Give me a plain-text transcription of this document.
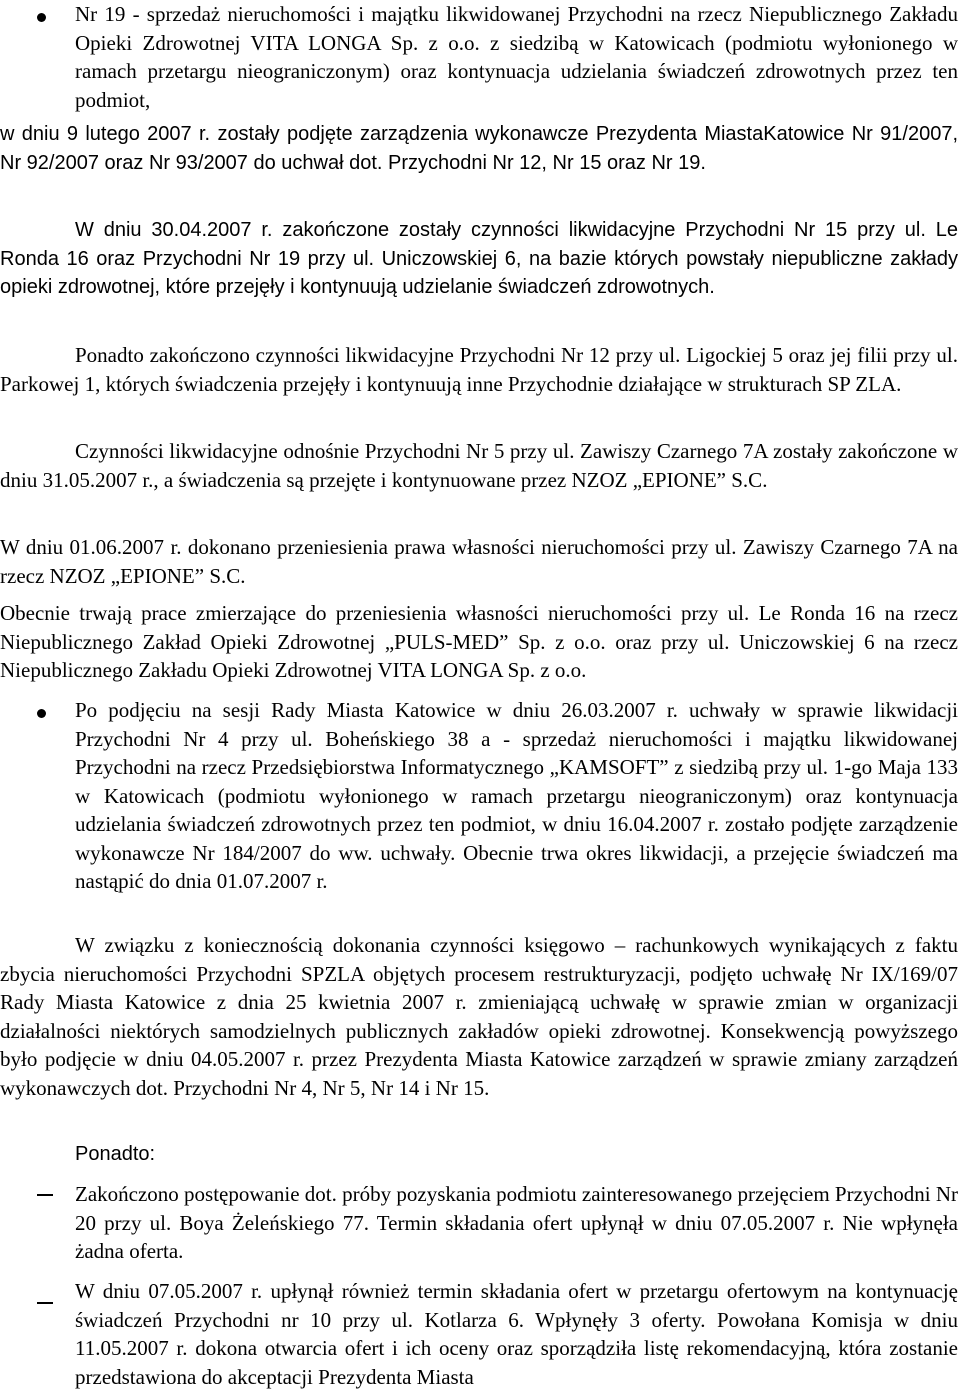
Nr 19 - sprzedaż nieruchomości i majątku likwidowanej Przychodni na rzecz Niepublicznego Zakładu Opieki Zdrowotnej VITA LONGA Sp. z o.o. z siedzibą w Katowicach (podmiotu wyłonionego w ramach przetargu nieograniczonym) oraz kontynuacja udzielania świadczeń zdrowotnych przez ten podmiot,

w dniu 9 lutego 2007 r. zostały podjęte zarządzenia wykonawcze Prezydenta MiastaKatowice Nr 91/2007, Nr 92/2007 oraz Nr 93/2007 do uchwał dot. Przychodni Nr 12, Nr 15 oraz Nr 19.

W dniu 30.04.2007 r. zakończone zostały czynności likwidacyjne Przychodni Nr 15 przy ul. Le Ronda 16 oraz Przychodni Nr 19 przy ul. Uniczowskiej 6, na bazie których powstały niepubliczne zakłady opieki zdrowotnej, które przejęły i kontynuują udzielanie świadczeń zdrowotnych.

Ponadto zakończono czynności likwidacyjne Przychodni Nr 12 przy ul. Ligockiej 5 oraz jej filii przy ul. Parkowej 1, których świadczenia przejęły i kontynuują inne Przychodnie działające w strukturach SP ZLA.

Czynności likwidacyjne odnośnie Przychodni Nr 5 przy ul. Zawiszy Czarnego 7A zostały zakończone w dniu 31.05.2007 r., a świadczenia są przejęte i kontynuowane przez NZOZ „EPIONE” S.C.

W dniu 01.06.2007 r. dokonano przeniesienia prawa własności nieruchomości przy ul. Zawiszy Czarnego 7A na rzecz NZOZ „EPIONE” S.C.

Obecnie trwają prace zmierzające do przeniesienia własności nieruchomości przy ul. Le Ronda 16 na rzecz Niepublicznego Zakład Opieki Zdrowotnej „PULS-MED” Sp. z o.o. oraz przy ul. Uniczowskiej 6 na rzecz Niepublicznego Zakładu Opieki Zdrowotnej VITA LONGA Sp. z o.o.

Po podjęciu na sesji Rady Miasta Katowice w dniu 26.03.2007 r. uchwały w sprawie likwidacji Przychodni Nr 4 przy ul. Boheńskiego 38 a - sprzedaż nieruchomości i majątku likwidowanej Przychodni na rzecz Przedsiębiorstwa Informatycznego „KAMSOFT” z siedzibą przy ul. 1-go Maja 133 w Katowicach (podmiotu wyłonionego w ramach przetargu nieograniczonym) oraz kontynuacja udzielania świadczeń zdrowotnych przez ten podmiot, w dniu 16.04.2007 r. zostało podjęte zarządzenie wykonawcze Nr 184/2007 do ww. uchwały. Obecnie trwa okres likwidacji, a przejęcie świadczeń ma nastąpić do dnia 01.07.2007 r.

W związku z koniecznością dokonania czynności księgowo – rachunkowych wynikających z faktu zbycia nieruchomości Przychodni SPZLA objętych procesem restrukturyzacji, podjęto uchwałę Nr IX/169/07 Rady Miasta Katowice z dnia 25 kwietnia 2007 r. zmieniającą uchwałę w sprawie zmian w organizacji działalności niektórych samodzielnych publicznych zakładów opieki zdrowotnej. Konsekwencją powyższego było podjęcie w dniu 04.05.2007 r. przez Prezydenta Miasta Katowice zarządzeń w sprawie zmiany zarządzeń wykonawczych dot. Przychodni Nr 4, Nr 5, Nr 14 i Nr 15.

Ponadto:

Zakończono postępowanie dot. próby pozyskania podmiotu zainteresowanego przejęciem Przychodni Nr 20 przy ul. Boya Żeleńskiego 77. Termin składania ofert upłynął w dniu 07.05.2007 r. Nie wpłynęła żadna oferta.

W dniu 07.05.2007 r. upłynął również termin składania ofert w przetargu ofertowym na kontynuację świadczeń Przychodni nr 10 przy ul. Kotlarza 6. Wpłynęły 3 oferty. Powołana Komisja w dniu 11.05.2007 r. dokona otwarcia ofert i ich oceny oraz sporządziła listę rekomendacyjną, która zostanie przedstawiona do akceptacji Prezydenta Miasta
